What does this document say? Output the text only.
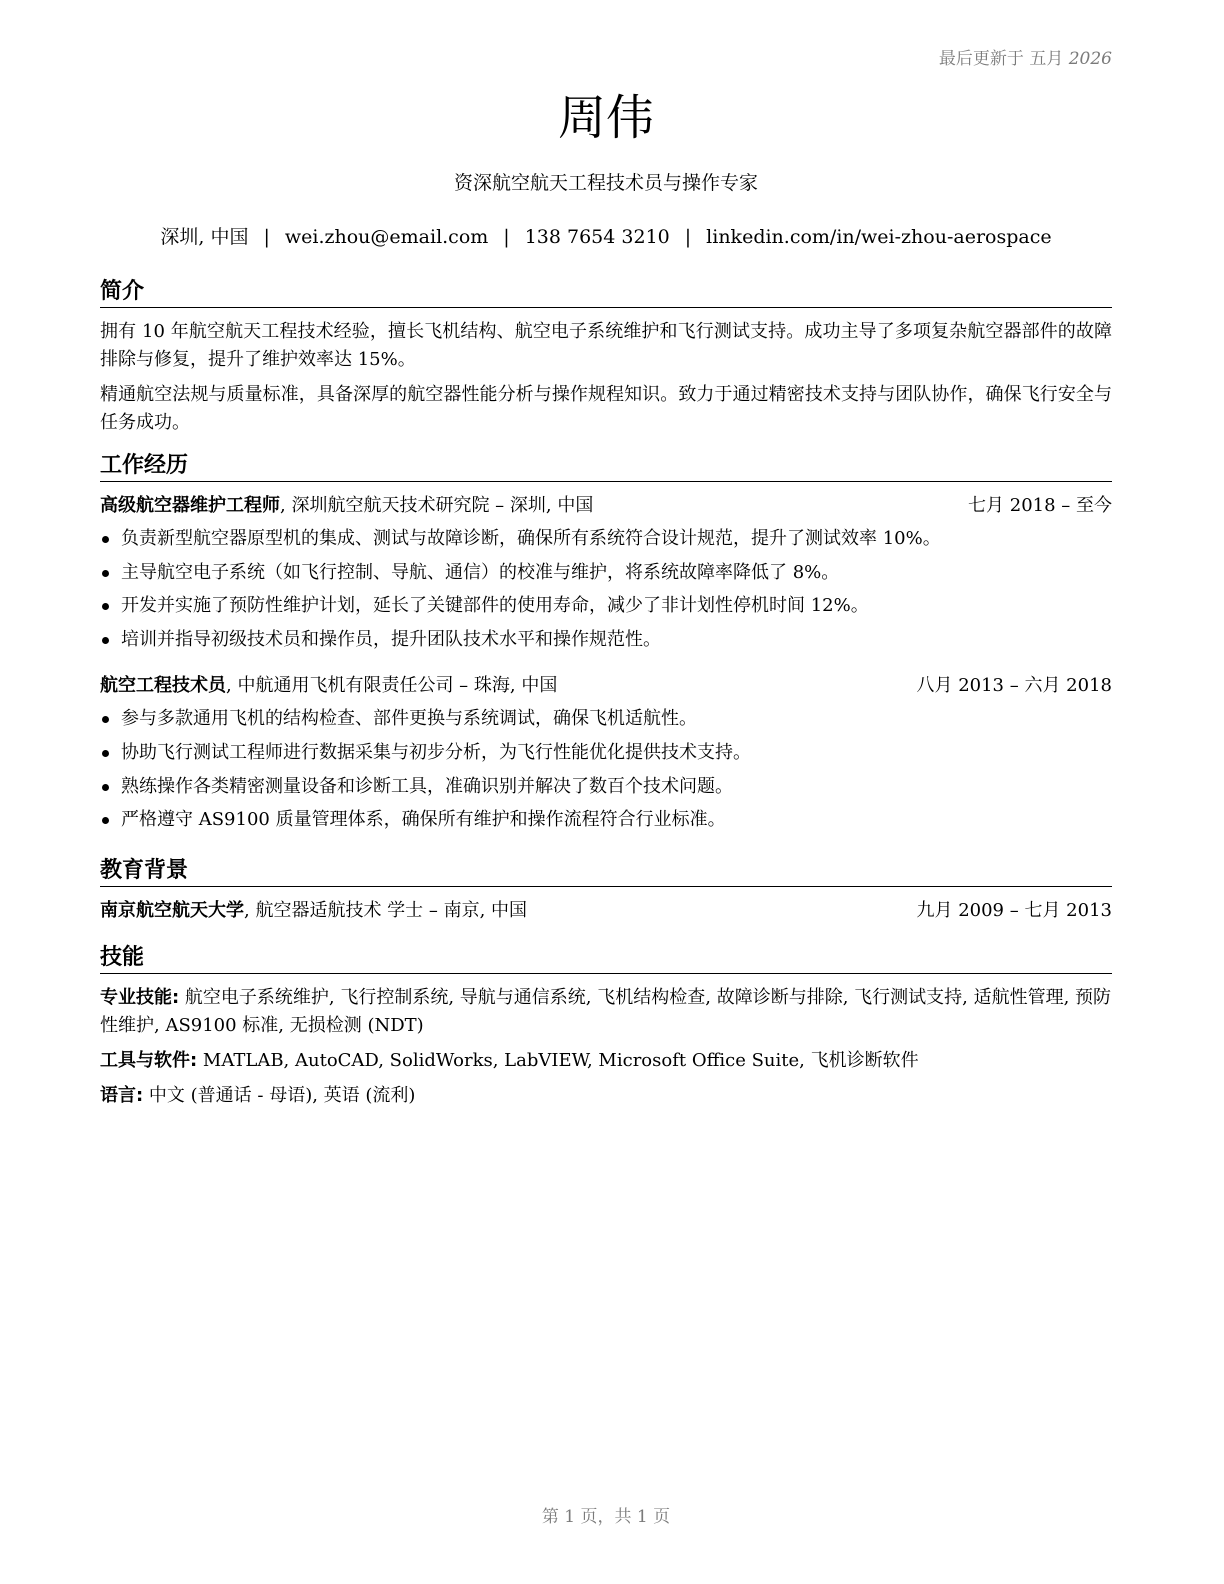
最后更新于 五月 2026
周伟
资深航空航天工程技术员与操作专家
深圳, 中国 | wei.zhou@email.com | 138 7654 3210 | linkedin.com/in/wei-zhou-aerospace
简介

拥有 10 年航空航天工程技术经验，擅长飞机结构、航空电子系统维护和飞行测试支持。成功主导了多项复杂航空器部件的故障排除与修复，提升了维护效率达 15%。

精通航空法规与质量标准，具备深厚的航空器性能分析与操作规程知识。致力于通过精密技术支持与团队协作，确保飞行安全与任务成功。

工作经历
高级航空器维护工程师, 深圳航空航天技术研究院 – 深圳, 中国	七月 2018 – 至今
负责新型航空器原型机的集成、测试与故障诊断，确保所有系统符合设计规范，提升了测试效率 10%。
主导航空电子系统（如飞行控制、导航、通信）的校准与维护，将系统故障率降低了 8%。
开发并实施了预防性维护计划，延长了关键部件的使用寿命，减少了非计划性停机时间 12%。
培训并指导初级技术员和操作员，提升团队技术水平和操作规范性。
航空工程技术员, 中航通用飞机有限责任公司 – 珠海, 中国	八月 2013 – 六月 2018
参与多款通用飞机的结构检查、部件更换与系统调试，确保飞机适航性。
协助飞行测试工程师进行数据采集与初步分析，为飞行性能优化提供技术支持。
熟练操作各类精密测量设备和诊断工具，准确识别并解决了数百个技术问题。
严格遵守 AS9100 质量管理体系，确保所有维护和操作流程符合行业标准。
教育背景
南京航空航天大学, 航空器适航技术 学士 – 南京, 中国	九月 2009 – 七月 2013
技能
专业技能: 航空电子系统维护, 飞行控制系统, 导航与通信系统, 飞机结构检查, 故障诊断与排除, 飞行测试支持, 适航性管理, 预防性维护, AS9100 标准, 无损检测 (NDT)
工具与软件: MATLAB, AutoCAD, SolidWorks, LabVIEW, Microsoft Office Suite, 飞机诊断软件
语言: 中文 (普通话 - 母语), 英语 (流利)
第 1 页，共 1 页
